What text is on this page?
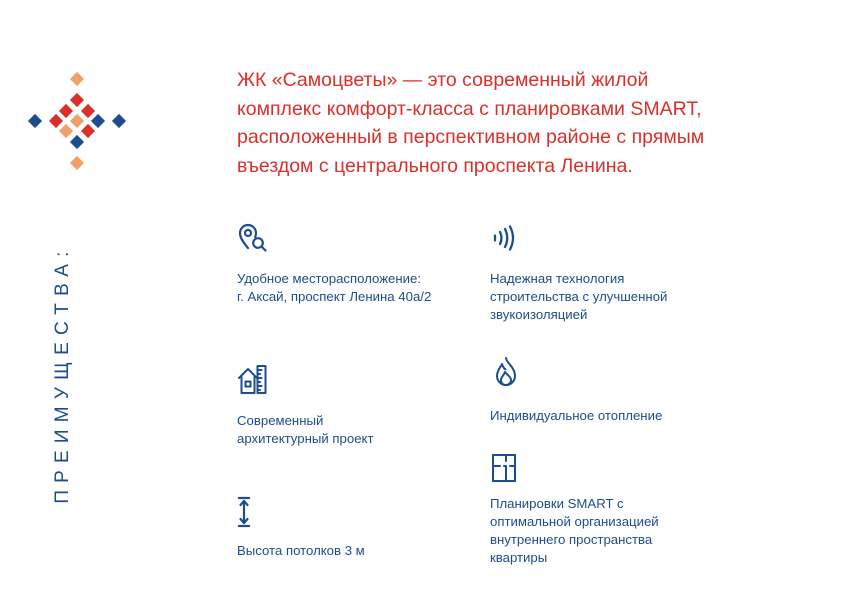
ПРЕИМУЩЕСТВА:

ЖК «Самоцветы» — это современный жилой
комплекс комфорт-класса с планировками SMART,
расположенный в перспективном районе с прямым
въездом с центрального проспекта Ленина.

Удобное месторасположение:
г. Аксай, проспект Ленина 40а/2
Надежная технология
строительства с улучшенной
звукоизоляцией
Современный
архитектурный проект
Индивидуальное отопление
Высота потолков 3 м
Планировки SMART с
оптимальной организацией
внутреннего пространства
квартиры
